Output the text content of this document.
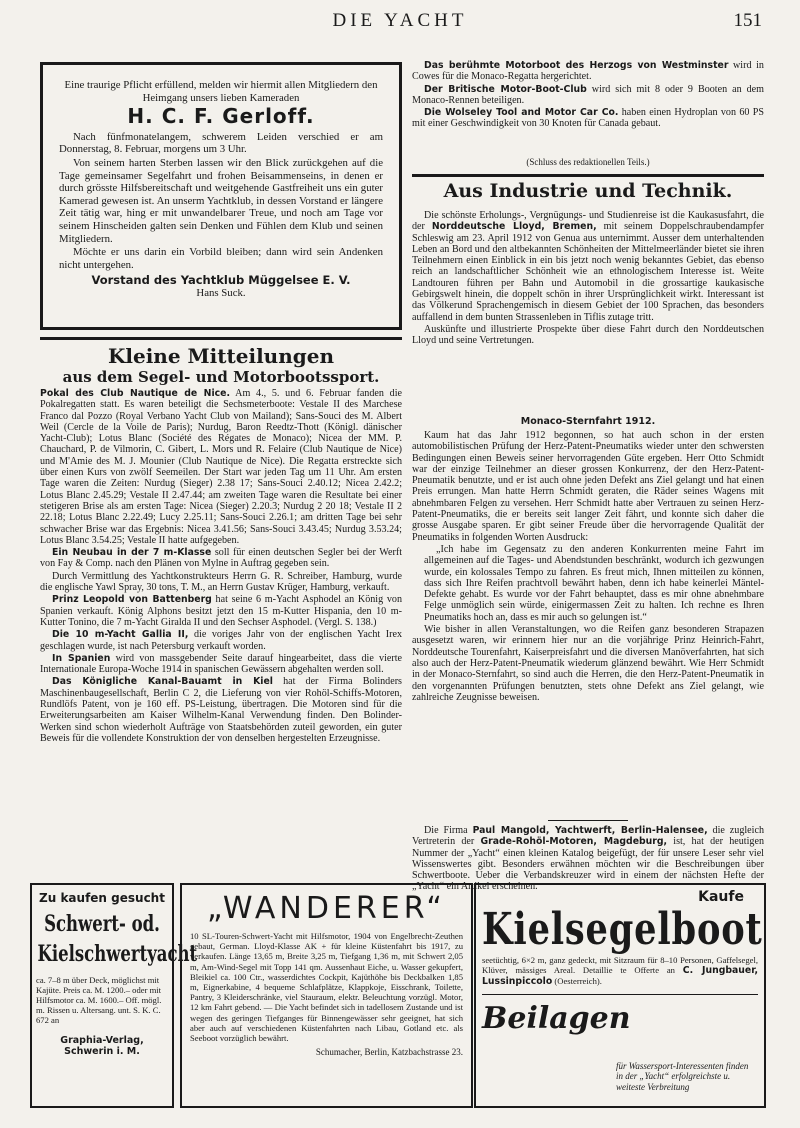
DIE YACHT	151
Eine traurige Pflicht erfüllend, melden wir hiermit allen Mitgliedern den Heimgang unsers lieben Kameraden
H. C. F. Gerloff.

Nach fünfmonatelangem, schwerem Leiden verschied er am Donnerstag, 8. Februar, morgens um 3 Uhr.

Von seinem harten Sterben lassen wir den Blick zurückgehen auf die Tage gemeinsamer Segelfahrt und frohen Beisammenseins, in denen er durch grösste Hilfsbereitschaft und weitgehende Gastfreiheit uns ein guter Kamerad gewesen ist. An unserm Yachtklub, in dessen Vorstand er längere Zeit tätig war, hing er mit unwandelbarer Treue, und noch am Tage vor seinem Hinscheiden galten sein Denken und Fühlen dem Klub und seinen Mitgliedern.

Möchte er uns darin ein Vorbild bleiben; dann wird sein Andenken nicht untergehen.

Vorstand des Yachtklub Müggelsee E. V.
Hans Suck.
Kleine Mitteilungen
aus dem Segel- und Motorbootssport.

Pokal des Club Nautique de Nice. Am 4., 5. und 6. Februar fanden die Pokalregatten statt. Es waren beteiligt die Sechsmeterboote: Vestale II des Marchese Franco dal Pozzo (Royal Verbano Yacht Club von Mailand); Sans-Souci des M. Albert Weil (Cercle de la Voile de Paris); Nurdug, Baron Reedtz-Thott (Königl. dänischer Yacht-Club); Lotus Blanc (Société des Régates de Monaco); Nicea der MM. P. Chauchard, P. de Vilmorin, C. Gibert, L. Mors und R. Felaire (Club Nautique de Nice) und M'Amie des M. J. Mounier (Club Nautique de Nice). Die Regatta erstreckte sich über einen Kurs von zwölf Seemeilen. Der Start war jeden Tag um 11 Uhr. Am ersten Tage waren die Zeiten: Nurdug (Sieger) 2.38 17; Sans-Souci 2.40.12; Nicea 2.42.2; Lotus Blanc 2.45.29; Vestale II 2.47.44; am zweiten Tage waren die Resultate bei einer stetigeren Brise als am ersten Tage: Nicea (Sieger) 2.20.3; Nurdug 2 20 18; Vestale II 2 22.18; Lotus Blanc 2.22.49; Lucy 2.25.11; Sans-Souci 2.26.1; am dritten Tage bei sehr schwacher Brise war das Ergebnis: Nicea 3.41.56; Sans-Souci 3.43.45; Nurdug 3.53.24; Lotus Blanc 3.54.25; Vestale II hatte aufgegeben.

Ein Neubau in der 7 m-Klasse soll für einen deutschen Segler bei der Werft von Fay & Comp. nach den Plänen von Mylne in Auftrag gegeben sein.

Durch Vermittlung des Yachtkonstrukteurs Herrn G. R. Schreiber, Hamburg, wurde die englische Yawl Spray, 30 tons, T. M., an Herrn Gustav Krüger, Hamburg, verkauft.

Prinz Leopold von Battenberg hat seine 6 m-Yacht Asphodel an König von Spanien verkauft. König Alphons besitzt jetzt den 15 m-Kutter Hispania, den 10 m-Kutter Tonino, die 7 m-Yacht Giralda II und den Sechser Asphodel. (Vergl. S. 138.)

Die 10 m-Yacht Gallia II, die voriges Jahr von der englischen Yacht Irex geschlagen wurde, ist nach Petersburg verkauft worden.

In Spanien wird von massgebender Seite darauf hingearbeitet, dass die vierte Internationale Europa-Woche 1914 in spanischen Gewässern abgehalten werden soll.

Das Königliche Kanal-Bauamt in Kiel hat der Firma Bolinders Maschinenbaugesellschaft, Berlin C 2, die Lieferung von vier Rohöl-Schiffs-Motoren, Rundlöfs Patent, von je 160 eff. PS-Leistung, übertragen. Die Motoren sind für die Erweiterungsarbeiten am Kaiser Wilhelm-Kanal Verwendung finden. Den Bolinder-Werken sind schon wiederholt Aufträge von Staatsbehörden zuteil geworden, ein guter Beweis für die vollendete Konstruktion der von denselben hergestelten Erzeugnisse.

Das berühmte Motorboot des Herzogs von Westminster wird in Cowes für die Monaco-Regatta hergerichtet.

Der Britische Motor-Boot-Club wird sich mit 8 oder 9 Booten an dem Monaco-Rennen beteiligen.

Die Wolseley Tool and Motor Car Co. haben einen Hydroplan von 60 PS mit einer Geschwindigkeit von 30 Knoten für Canada gebaut.

(Schluss des redaktionellen Teils.)
Aus Industrie und Technik.

Die schönste Erholungs-, Vergnügungs- und Studienreise ist die Kaukasusfahrt, die der Norddeutsche Lloyd, Bremen, mit seinem Doppelschraubendampfer Schleswig am 23. April 1912 von Genua aus unternimmt. Ausser dem unterhaltenden Leben an Bord und den altbekannten Schönheiten der Mittelmeerländer bietet sie ihren Teilnehmern einen Einblick in ein bis jetzt noch wenig bekanntes Gebiet, das ebenso reich an landschaftlicher Schönheit wie an ethnologischem Interesse ist. Weite Landtouren führen per Bahn und Automobil in die grossartige kaukasische Gebirgswelt hinein, die doppelt schön in ihrer Ursprünglichkeit wirkt. Interessant ist das Völkerund Sprachengemisch in diesem Gebiet der 100 Sprachen, das besonders auffallend in dem bunten Strassenleben in Tiflis zutage tritt.

Auskünfte und illustrierte Prospekte über diese Fahrt durch den Norddeutschen Lloyd und seine Vertretungen.

Monaco-Sternfahrt 1912.

Kaum hat das Jahr 1912 begonnen, so hat auch schon in der ersten automobilistischen Prüfung der Herz-Patent-Pneumatiks wieder unter den schwersten Bedingungen einen Beweis seiner hervorragenden Güte ergeben. Herr Otto Schmidt war der einzige Teilnehmer an dieser grossen Konkurrenz, der den Herz-Patent-Pneumatik benutzte, und er ist auch ohne jeden Defekt ans Ziel gelangt und hat einen Preis errungen. Man hatte Herrn Schmidt geraten, die Räder seines Wagens mit abnehmbaren Felgen zu versehen. Herr Schmidt hatte aber Vertrauen zu seinen Herz-Patent-Pneumatiks, die er bereits seit langer Zeit fährt, und konnte sich daher die grosse Ausgabe sparen. Er gibt seiner Freude über die hervorragende Qualität der Pneumatiks in folgenden Worten Ausdruck:

„Ich habe im Gegensatz zu den anderen Konkurrenten meine Fahrt im allgemeinen auf die Tages- und Abendstunden beschränkt, wodurch ich gezwungen wurde, ein kolossales Tempo zu fahren. Es freut mich, Ihnen mitteilen zu können, dass sich Ihre Reifen prachtvoll bewährt haben, denn ich habe keinerlei Mäntel-Defekte gehabt. Es wurde vor der Fahrt behauptet, dass es mir ohne abnehmbare Felge unmöglich sein würde, einigermassen Zeit zu halten. Ich rechne es Ihren Pneumatiks hoch an, dass es mir auch so gelungen ist.“

Wie bisher in allen Veranstaltungen, wo die Reifen ganz besonderen Strapazen ausgesetzt waren, wir erinnern hier nur an die vorjährige Prinz Heinrich-Fahrt, Norddeutsche Tourenfahrt, Kaiserpreisfahrt und die diversen Manöverfahrten, hat sich also auch der Herz-Patent-Pneumatik wiederum glänzend bewährt. Wie Herr Schmidt in der Monaco-Sternfahrt, so sind auch die Herren, die den Herz-Patent-Pneumatik in den vorgenannten Prüfungen benutzten, stets ohne Defekt ans Ziel gelangt, wie zahlreiche Zeugnisse beweisen.

Die Firma Paul Mangold, Yachtwerft, Berlin-Halensee, die zugleich Vertreterin der Grade-Rohöl-Motoren, Magdeburg, ist, hat der heutigen Nummer der „Yacht“ einen kleinen Katalog beigefügt, der für unsere Leser sehr viel Wissenswertes gibt. Besonders erwähnen möchten wir die Beschreibungen über Schwertboote. Ueber die Verbandskreuzer wird in einem der nächsten Hefte der „Yacht“ ein Artikel erscheinen.

Zu kaufen gesucht
Schwert- od. Kielschwertyacht
ca. 7–8 m über Deck, möglichst mit Kajüte. Preis ca. M. 1200.– oder mit Hilfsmotor ca. M. 1600.– Off. mögl. m. Rissen u. Altersang. unt. S. K. C. 672 an
Graphia-Verlag, Schwerin i. M.
„WANDERER“
10 SL-Touren-Schwert-Yacht mit Hilfsmotor, 1904 von Engelbrecht-Zeuthen gebaut, German. Lloyd-Klasse AK + für kleine Küstenfahrt bis 1917, zu verkaufen. Länge 13,65 m, Breite 3,25 m, Tiefgang 1,36 m, mit Schwert 2,05 m, Am-Wind-Segel mit Topp 141 qm. Aussenhaut Eiche, u. Wasser gekupfert, Bleikiel ca. 100 Ctr., wasserdichtes Cockpit, Kajüthöhe bis Deckbalken 1,85 m, Eignerkabine, 4 bequeme Schlafplätze, Klappkoje, Eisschrank, Toilette, Pantry, 3 Kleiderschränke, viel Stauraum, elektr. Beleuchtung vorzügl. Motor, 12 km Fahrt gebend. — Die Yacht befindet sich in tadellosem Zustande und ist wegen des geringen Tiefganges für Binnengewässer sehr geeignet, hat sich aber auch auf verschiedenen Küstenfahrten nach Libau, Gotland etc. als Seeboot vorzüglich bewährt.
Schumacher, Berlin, Katzbachstrasse 23.
Kaufe
Kielsegelboot
seetüchtig, 6×2 m, ganz gedeckt, mit Sitzraum für 8–10 Personen, Gaffelsegel, Klüver, mässiges Areal. Detaillie te Offerte an C. Jungbauer, Lussinpiccolo (Oesterreich).
Beilagen
für Wassersport-Interessenten finden in der „Yacht“ erfolgreichste u. weiteste Verbreitung
